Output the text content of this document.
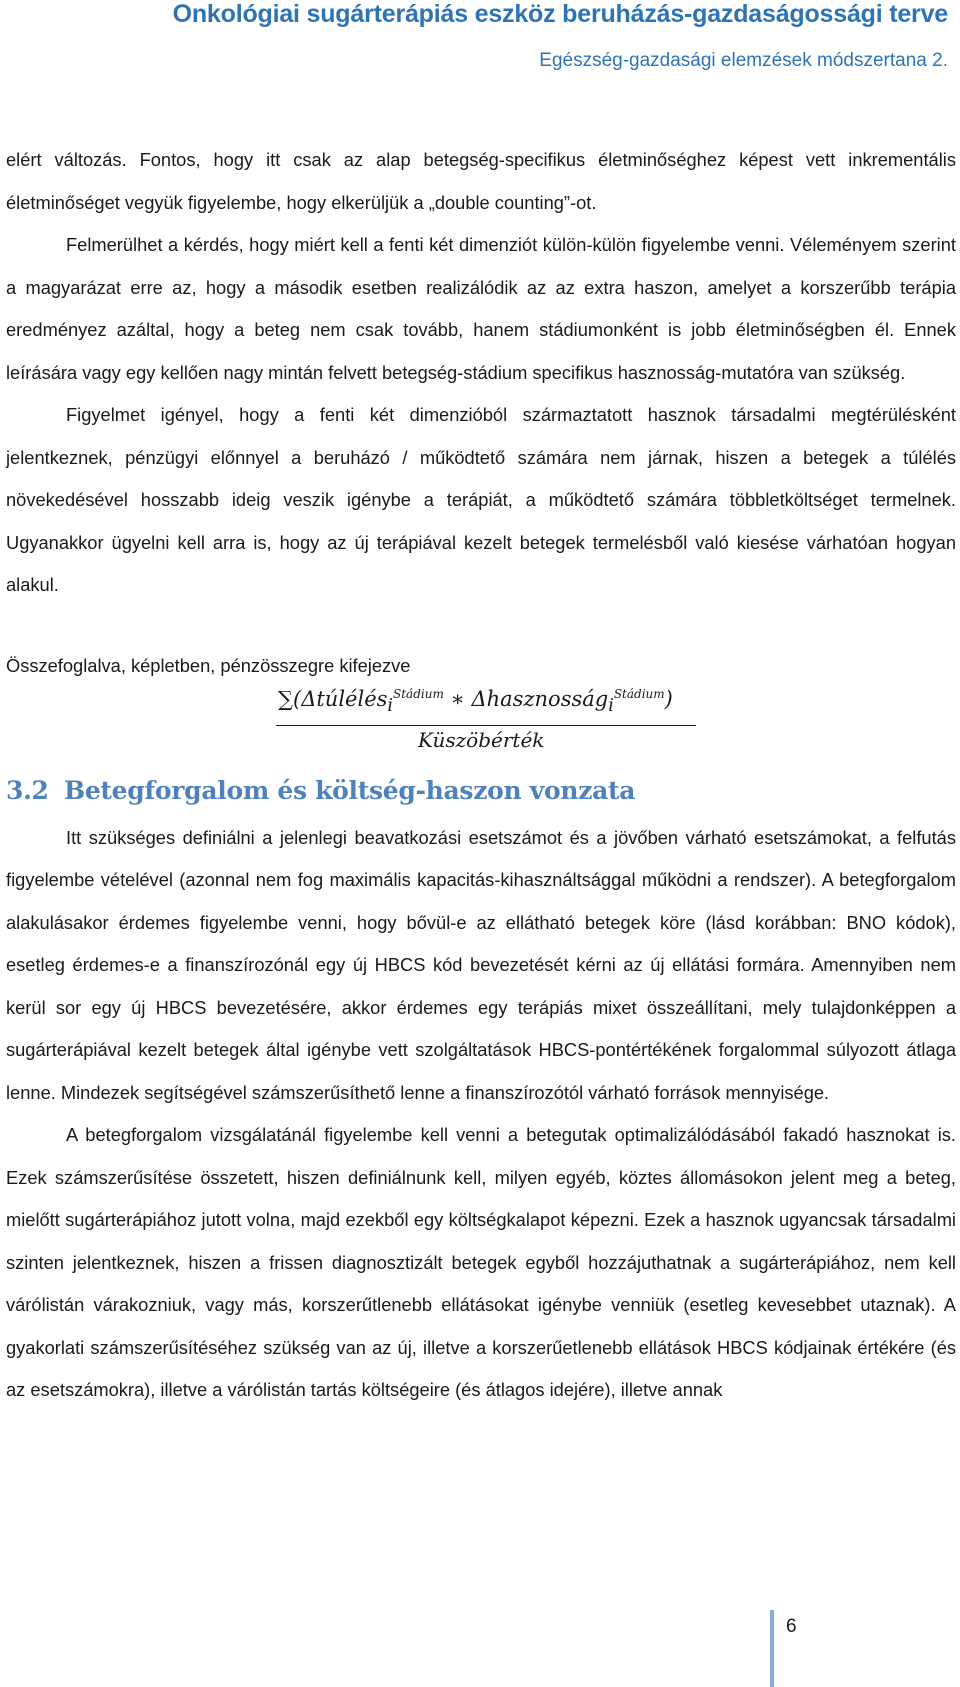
Onkológiai sugárterápiás eszköz beruházás-gazdaságossági terve
Egészség-gazdasági elemzések módszertana 2.

elért változás. Fontos, hogy itt csak az alap betegség-specifikus életminőséghez képest vett inkrementális életminőséget vegyük figyelembe, hogy elkerüljük a „double counting”-ot.

Felmerülhet a kérdés, hogy miért kell a fenti két dimenziót külön-külön figyelembe venni. Véleményem szerint a magyarázat erre az, hogy a második esetben realizálódik az az extra haszon, amelyet a korszerűbb terápia eredményez azáltal, hogy a beteg nem csak tovább, hanem stádiumonként is jobb életminőségben él. Ennek leírására vagy egy kellően nagy mintán felvett betegség-stádium specifikus hasznosság-mutatóra van szükség.

Figyelmet igényel, hogy a fenti két dimenzióból származtatott hasznok társadalmi megtérülésként jelentkeznek, pénzügyi előnnyel a beruházó / működtető számára nem járnak, hiszen a betegek a túlélés növekedésével hosszabb ideig veszik igénybe a terápiát, a működtető számára többletköltséget termelnek. Ugyanakkor ügyelni kell arra is, hogy az új terápiával kezelt betegek termelésből való kiesése várhatóan hogyan alakul.

Összefoglalva, képletben, pénzösszegre kifejezve
∑(Δtúlélés$_i^{Stádium}$ ∗ Δhasznosság$_i^{Stádium}$)
Küszöbérték
3.2 Betegforgalom és költség-haszon vonzata

Itt szükséges definiálni a jelenlegi beavatkozási esetszámot és a jövőben várható esetszámokat, a felfutás figyelembe vételével (azonnal nem fog maximális kapacitás-kihasználtsággal működni a rendszer). A betegforgalom alakulásakor érdemes figyelembe venni, hogy bővül-e az ellátható betegek köre (lásd korábban: BNO kódok), esetleg érdemes-e a finanszírozónál egy új HBCS kód bevezetését kérni az új ellátási formára. Amennyiben nem kerül sor egy új HBCS bevezetésére, akkor érdemes egy terápiás mixet összeállítani, mely tulajdonképpen a sugárterápiával kezelt betegek által igénybe vett szolgáltatások HBCS-pontértékének forgalommal súlyozott átlaga lenne. Mindezek segítségével számszerűsíthető lenne a finanszírozótól várható források mennyisége.

A betegforgalom vizsgálatánál figyelembe kell venni a betegutak optimalizálódásából fakadó hasznokat is. Ezek számszerűsítése összetett, hiszen definiálnunk kell, milyen egyéb, köztes állomásokon jelent meg a beteg, mielőtt sugárterápiához jutott volna, majd ezekből egy költségkalapot képezni. Ezek a hasznok ugyancsak társadalmi szinten jelentkeznek, hiszen a frissen diagnosztizált betegek egyből hozzájuthatnak a sugárterápiához, nem kell várólistán várakozniuk, vagy más, korszerűtlenebb ellátásokat igénybe venniük (esetleg kevesebbet utaznak). A gyakorlati számszerűsítéséhez szükség van az új, illetve a korszerűetlenebb ellátások HBCS kódjainak értékére (és az esetszámokra), illetve a várólistán tartás költségeire (és átlagos idejére), illetve annak

6
